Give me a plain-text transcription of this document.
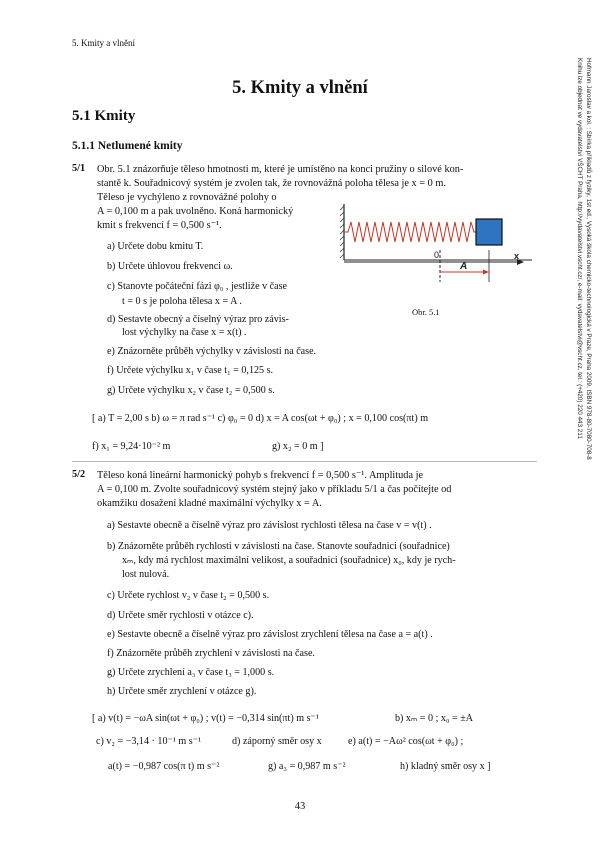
5. Kmity a vlnění
Hofmann Jaroslav a kol. : Sbírka příkladů z fyziky, 1st ed., Vysoká škola chemicko-technologická v Praze, Praha 2009, ISBN 978-80-7080-708-8
Knihu lze objednat ve vydavatelství VŠCHT Praha, http://vydavatelstvi.vscht.cz/, e-mail: vydavatelstvi@vscht.cz, tel.: (+420) 220 443 211
5. Kmity a vlnění
5.1 Kmity
5.1.1 Netlumené kmity
5/1 Obr. 5.1 znázorňuje těleso hmotnosti m, které je umístěno na konci pružiny o silové kon-
stantě k. Souřadnicový systém je zvolen tak, že rovnovážná poloha tělesa je x = 0 m.
Těleso je vychýleno z rovnovážné polohy o
A = 0,100 m a pak uvolněno. Koná harmonický
kmit s frekvencí f = 0,500 s⁻¹.
a) Určete dobu kmitu T.
b) Určete úhlovou frekvenci ω.
c) Stanovte počáteční fázi φ₀ , jestliže v čase
t = 0 s je poloha tělesa x = A .
d) Sestavte obecný a číselný výraz pro závis-
lost výchylky na čase x = x(t) .
e) Znázorněte průběh výchylky v závislosti na čase.
f) Určete výchylku x₁ v čase t₁ = 0,125 s.
g) Určete výchylku x₂ v čase t₂ = 0,500 s.
[ a) T = 2,00 s b) ω = π rad s⁻¹ c) φ₀ = 0 d) x = A cos(ωt + φ₀) ; x = 0,100 cos(πt) m
f) x₁ = 9,24·10⁻² m	g) x₂ = 0 m ]
0
A
x
Obr. 5.1
5/2 Těleso koná lineární harmonický pohyb s frekvencí f = 0,500 s⁻¹. Amplituda je
A = 0,100 m. Zvolte souřadnicový systém stejný jako v příkladu 5/1 a čas počítejte od
okamžiku dosažení kladné maximální výchylky x = A.
a) Sestavte obecně a číselně výraz pro závislost rychlosti tělesa na čase v = v(t) .
b) Znázorněte průběh rychlosti v závislosti na čase. Stanovte souřadnici (souřadnice)
xₘ, kdy má rychlost maximální velikost, a souřadnici (souřadnice) x₀, kdy je rych-
lost nulová.
c) Určete rychlost v₂ v čase t₂ = 0,500 s.
d) Určete směr rychlosti v otázce c).
e) Sestavte obecně a číselně výraz pro závislost zrychlení tělesa na čase a = a(t) .
f) Znázorněte průběh zrychlení v závislosti na čase.
g) Určete zrychlení a₃ v čase t₃ = 1,000 s.
h) Určete směr zrychlení v otázce g).
[ a) v(t) = −ωA sin(ωt + φ₀) ; v(t) = −0,314 sin(πt) m s⁻¹	b) xₘ = 0 ; x₀ = ±A
c) v₂ = −3,14 · 10⁻¹ m s⁻¹	d) záporný směr osy x	e) a(t) = −Aω² cos(ωt + φ₀) ;
a(t) = −0,987 cos(π t) m s⁻²	g) a₃ = 0,987 m s⁻²	h) kladný směr osy x ]
43
